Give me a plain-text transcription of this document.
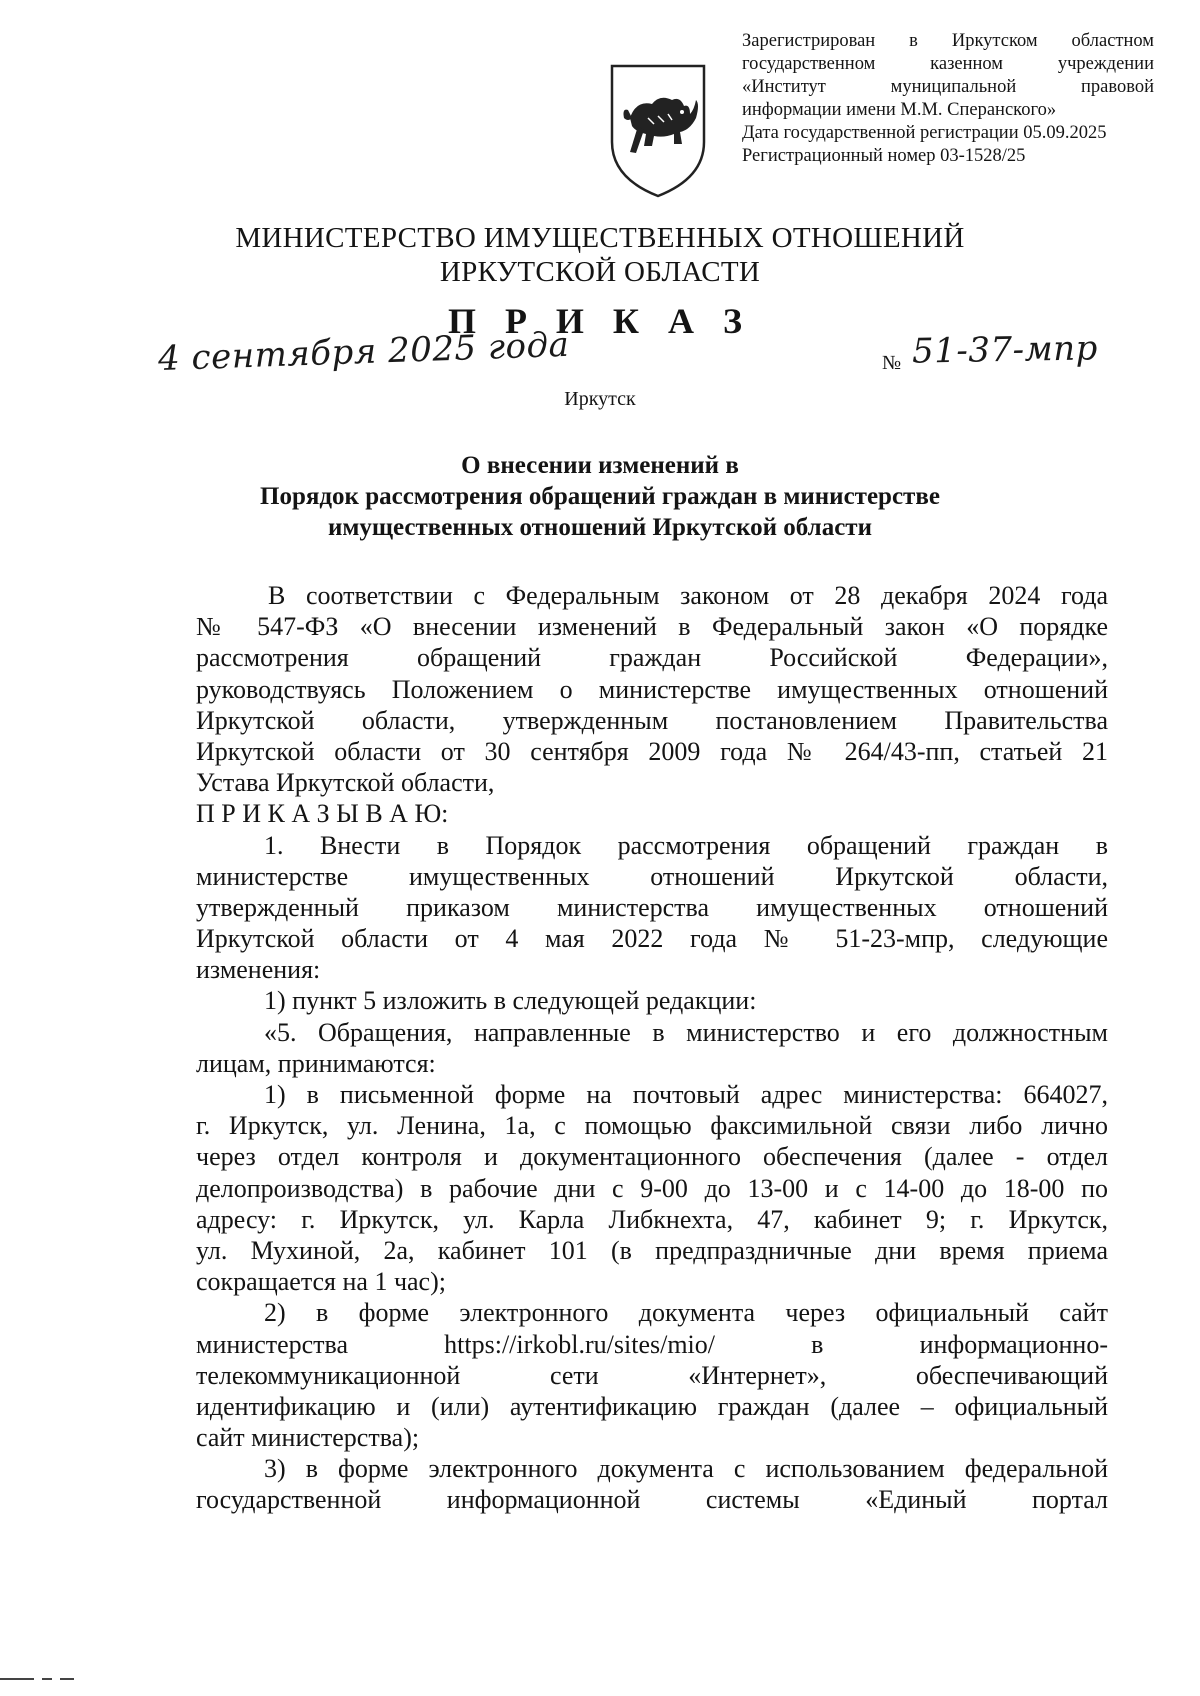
Зарегистрирован в Иркутском областном
государственном казенном учреждении
«Институт муниципальной правовой
информации имени М.М. Сперанского»
Дата государственной регистрации 05.09.2025
Регистрационный номер 03-1528/25
МИНИСТЕРСТВО ИМУЩЕСТВЕННЫХ ОТНОШЕНИЙ
ИРКУТСКОЙ ОБЛАСТИ
П Р И К А З
4 сентября 2025 года	№ 51-37-мпр
Иркутск
О внесении изменений в
Порядок рассмотрения обращений граждан в министерстве
имущественных отношений Иркутской области
В соответствии с Федеральным законом от 28 декабря 2024 года
№ 547-ФЗ «О внесении изменений в Федеральный закон «О порядке
рассмотрения обращений граждан Российской Федерации»,
руководствуясь Положением о министерстве имущественных отношений
Иркутской области, утвержденным постановлением Правительства
Иркутской области от 30 сентября 2009 года № 264/43-пп, статьей 21
Устава Иркутской области,
П Р И К А З Ы В А Ю:
1. Внести в Порядок рассмотрения обращений граждан в
министерстве имущественных отношений Иркутской области,
утвержденный приказом министерства имущественных отношений
Иркутской области от 4 мая 2022 года № 51-23-мпр, следующие
изменения:
1) пункт 5 изложить в следующей редакции:
«5. Обращения, направленные в министерство и его должностным
лицам, принимаются:
1) в письменной форме на почтовый адрес министерства: 664027,
г. Иркутск, ул. Ленина, 1а, с помощью факсимильной связи либо лично
через отдел контроля и документационного обеспечения (далее - отдел
делопроизводства) в рабочие дни с 9-00 до 13-00 и с 14-00 до 18-00 по
адресу: г. Иркутск, ул. Карла Либкнехта, 47, кабинет 9; г. Иркутск,
ул. Мухиной, 2а, кабинет 101 (в предпраздничные дни время приема
сокращается на 1 час);
2) в форме электронного документа через официальный сайт
министерства https://irkobl.ru/sites/mio/ в информационно-
телекоммуникационной сети «Интернет», обеспечивающий
идентификацию и (или) аутентификацию граждан (далее – официальный
сайт министерства);
3) в форме электронного документа с использованием федеральной
государственной информационной системы «Единый портал
